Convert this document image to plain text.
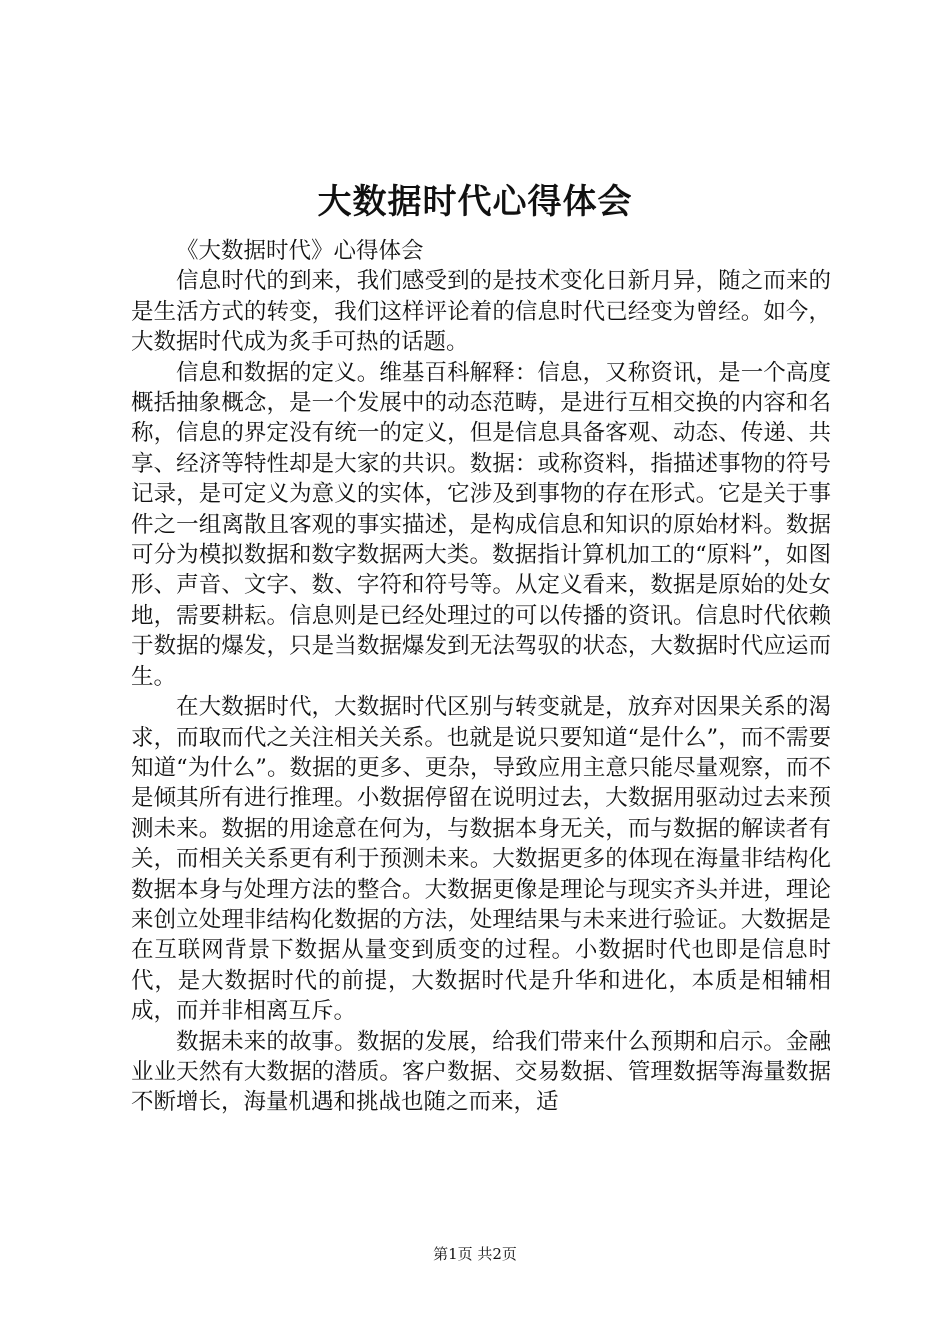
大数据时代心得体会

《大数据时代》心得体会

信息时代的到来，我们感受到的是技术变化日新月异，随之而来的是生活方式的转变，我们这样评论着的信息时代已经变为曾经。如今，大数据时代成为炙手可热的话题。

信息和数据的定义。维基百科解释：信息，又称资讯，是一个高度概括抽象概念，是一个发展中的动态范畴，是进行互相交换的内容和名称，信息的界定没有统一的定义，但是信息具备客观、动态、传递、共享、经济等特性却是大家的共识。数据：或称资料，指描述事物的符号记录，是可定义为意义的实体，它涉及到事物的存在形式。它是关于事件之一组离散且客观的事实描述，是构成信息和知识的原始材料。数据可分为模拟数据和数字数据两大类。数据指计算机加工的“原料”，如图形、声音、文字、数、字符和符号等。从定义看来，数据是原始的处女地，需要耕耘。信息则是已经处理过的可以传播的资讯。信息时代依赖于数据的爆发，只是当数据爆发到无法驾驭的状态，大数据时代应运而生。

在大数据时代，大数据时代区别与转变就是，放弃对因果关系的渴求，而取而代之关注相关关系。也就是说只要知道“是什么”，而不需要知道“为什么”。数据的更多、更杂，导致应用主意只能尽量观察，而不是倾其所有进行推理。小数据停留在说明过去，大数据用驱动过去来预测未来。数据的用途意在何为，与数据本身无关，而与数据的解读者有关，而相关关系更有利于预测未来。大数据更多的体现在海量非结构化数据本身与处理方法的整合。大数据更像是理论与现实齐头并进，理论来创立处理非结构化数据的方法，处理结果与未来进行验证。大数据是在互联网背景下数据从量变到质变的过程。小数据时代也即是信息时代，是大数据时代的前提，大数据时代是升华和进化，本质是相辅相成，而并非相离互斥。

数据未来的故事。数据的发展，给我们带来什么预期和启示。金融业业天然有大数据的潜质。客户数据、交易数据、管理数据等海量数据不断增长，海量机遇和挑战也随之而来，适

第1页 共2页
